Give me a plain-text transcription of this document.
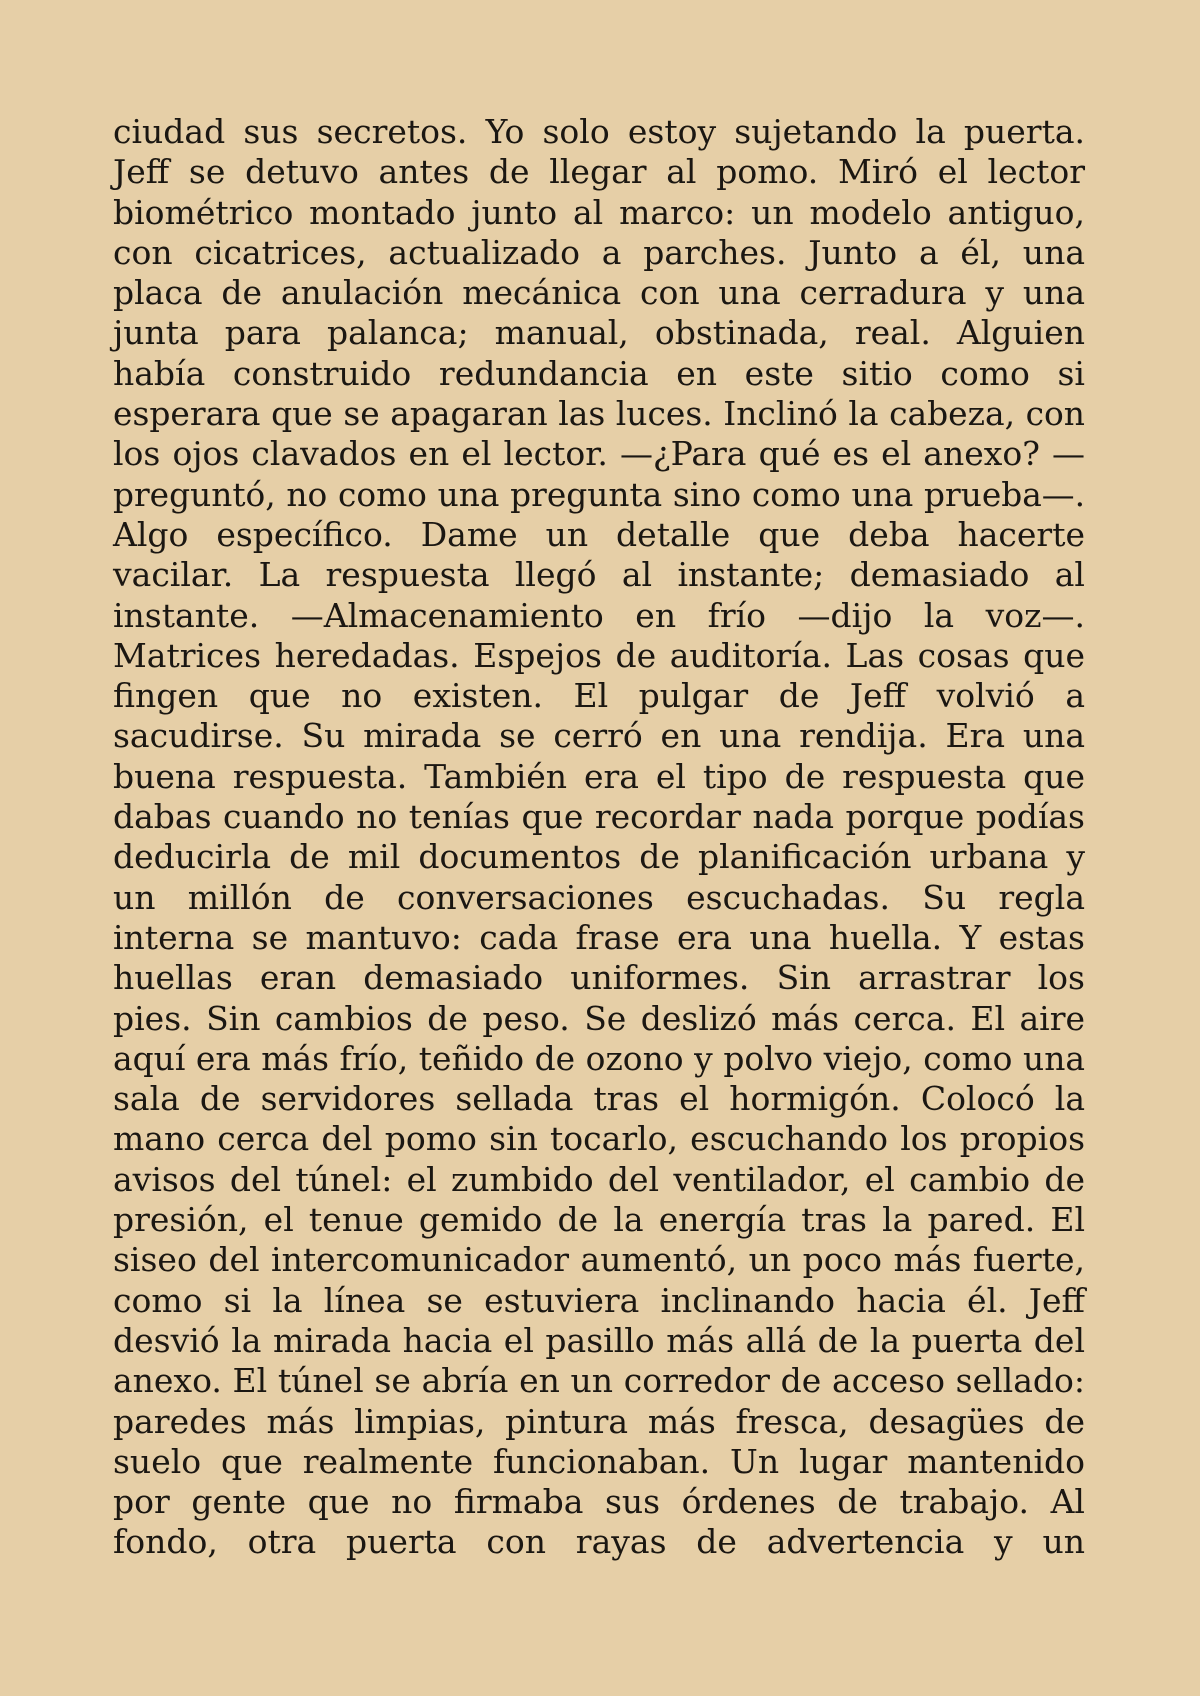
ciudad sus secretos. Yo solo estoy sujetando la puerta.
Jeff se detuvo antes de llegar al pomo. Miró el lector
biométrico montado junto al marco: un modelo antiguo,
con cicatrices, actualizado a parches. Junto a él, una
placa de anulación mecánica con una cerradura y una
junta para palanca; manual, obstinada, real. Alguien
había construido redundancia en este sitio como si
esperara que se apagaran las luces. Inclinó la cabeza, con
los ojos clavados en el lector. —¿Para qué es el anexo? —
preguntó, no como una pregunta sino como una prueba—.
Algo específico. Dame un detalle que deba hacerte
vacilar. La respuesta llegó al instante; demasiado al
instante. —Almacenamiento en frío —dijo la voz—.
Matrices heredadas. Espejos de auditoría. Las cosas que
fingen que no existen. El pulgar de Jeff volvió a
sacudirse. Su mirada se cerró en una rendija. Era una
buena respuesta. También era el tipo de respuesta que
dabas cuando no tenías que recordar nada porque podías
deducirla de mil documentos de planificación urbana y
un millón de conversaciones escuchadas. Su regla
interna se mantuvo: cada frase era una huella. Y estas
huellas eran demasiado uniformes. Sin arrastrar los
pies. Sin cambios de peso. Se deslizó más cerca. El aire
aquí era más frío, teñido de ozono y polvo viejo, como una
sala de servidores sellada tras el hormigón. Colocó la
mano cerca del pomo sin tocarlo, escuchando los propios
avisos del túnel: el zumbido del ventilador, el cambio de
presión, el tenue gemido de la energía tras la pared. El
siseo del intercomunicador aumentó, un poco más fuerte,
como si la línea se estuviera inclinando hacia él. Jeff
desvió la mirada hacia el pasillo más allá de la puerta del
anexo. El túnel se abría en un corredor de acceso sellado:
paredes más limpias, pintura más fresca, desagües de
suelo que realmente funcionaban. Un lugar mantenido
por gente que no firmaba sus órdenes de trabajo. Al
fondo, otra puerta con rayas de advertencia y un
